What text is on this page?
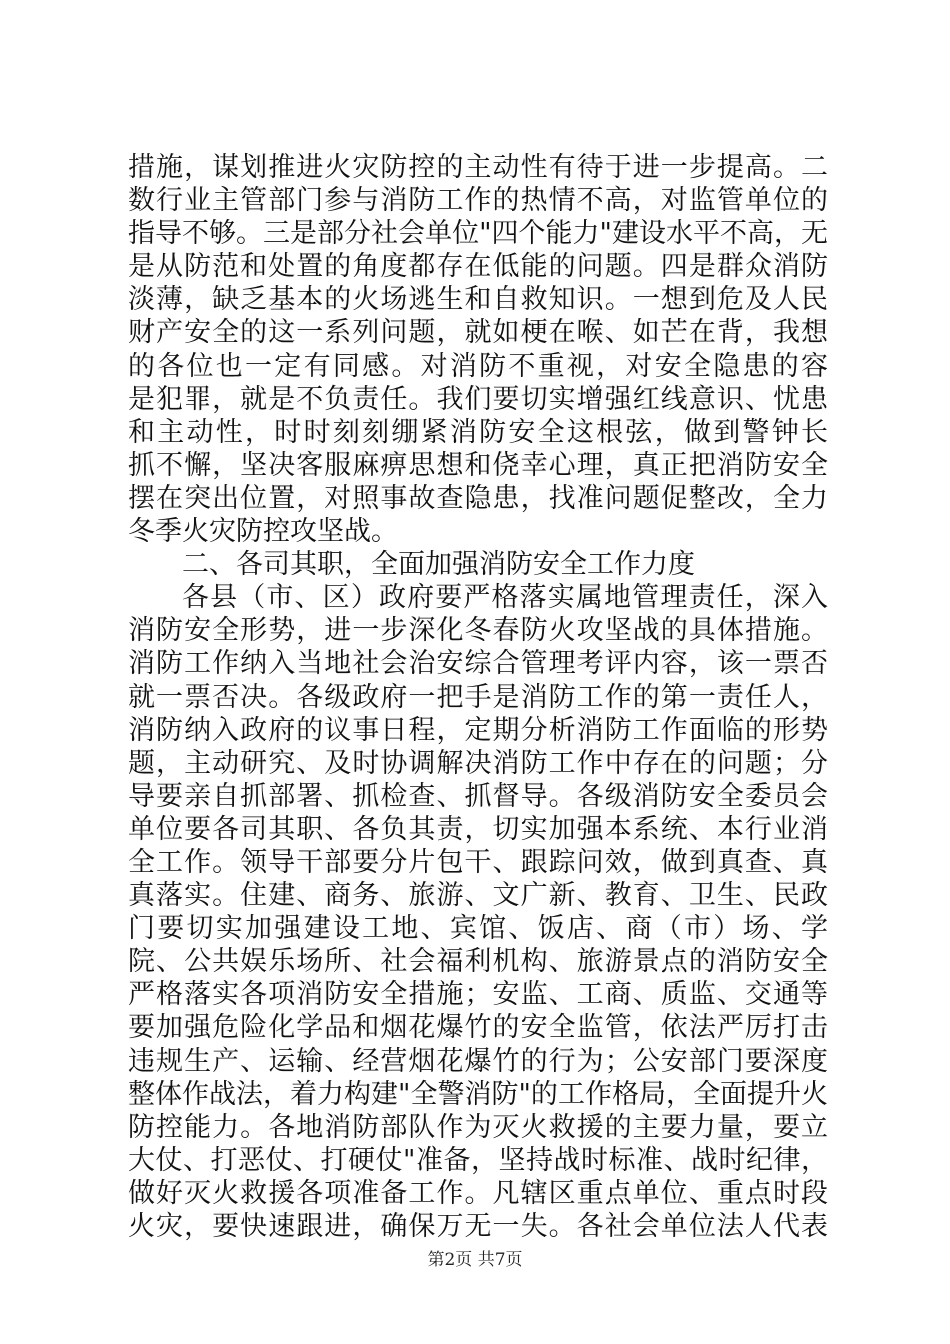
措施，谋划推进火灾防控的主动性有待于进一步提高。二
数行业主管部门参与消防工作的热情不高，对监管单位的
指导不够。三是部分社会单位"四个能力"建设水平不高，无
是从防范和处置的角度都存在低能的问题。四是群众消防
淡薄，缺乏基本的火场逃生和自救知识。一想到危及人民
财产安全的这一系列问题，就如梗在喉、如芒在背，我想
的各位也一定有同感。对消防不重视，对安全隐患的容
是犯罪，就是不负责任。我们要切实增强红线意识、忧患
和主动性，时时刻刻绷紧消防安全这根弦，做到警钟长
抓不懈，坚决客服麻痹思想和侥幸心理，真正把消防安全
摆在突出位置，对照事故查隐患，找准问题促整改，全力
冬季火灾防控攻坚战。
二、各司其职，全面加强消防安全工作力度
各县（市、区）政府要严格落实属地管理责任，深入
消防安全形势，进一步深化冬春防火攻坚战的具体措施。
消防工作纳入当地社会治安综合管理考评内容，该一票否
就一票否决。各级政府一把手是消防工作的第一责任人，
消防纳入政府的议事日程，定期分析消防工作面临的形势
题，主动研究、及时协调解决消防工作中存在的问题；分
导要亲自抓部署、抓检查、抓督导。各级消防安全委员会
单位要各司其职、各负其责，切实加强本系统、本行业消
全工作。领导干部要分片包干、跟踪问效，做到真查、真
真落实。住建、商务、旅游、文广新、教育、卫生、民政
门要切实加强建设工地、宾馆、饭店、商（市）场、学
院、公共娱乐场所、社会福利机构、旅游景点的消防安全
严格落实各项消防安全措施；安监、工商、质监、交通等
要加强危险化学品和烟花爆竹的安全监管，依法严厉打击
违规生产、运输、经营烟花爆竹的行为；公安部门要深度
整体作战法，着力构建"全警消防"的工作格局，全面提升火
防控能力。各地消防部队作为灭火救援的主要力量，要立
大仗、打恶仗、打硬仗"准备，坚持战时标准、战时纪律，
做好灭火救援各项准备工作。凡辖区重点单位、重点时段
火灾，要快速跟进，确保万无一失。各社会单位法人代表
第2页 共7页
